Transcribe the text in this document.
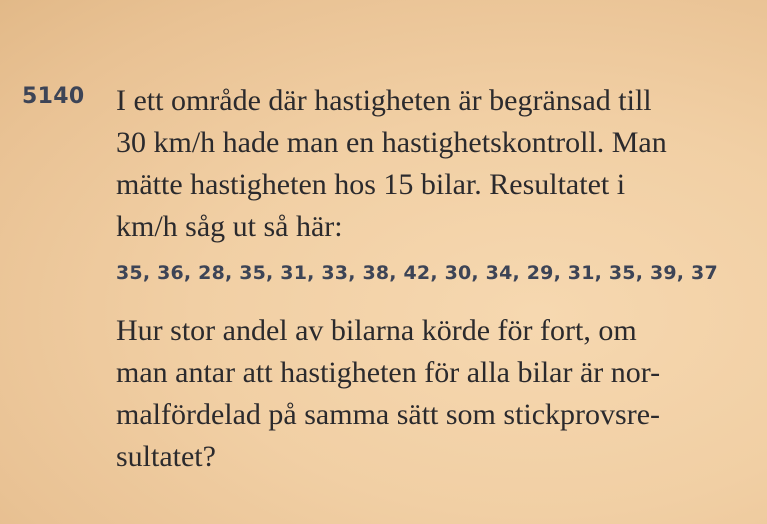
5140 I ett område där hastigheten är begränsad till
30 km/h hade man en hastighetskontroll. Man
mätte hastigheten hos 15 bilar. Resultatet i
km/h såg ut så här:
35, 36, 28, 35, 31, 33, 38, 42, 30, 34, 29, 31, 35, 39, 37
Hur stor andel av bilarna körde för fort, om
man antar att hastigheten för alla bilar är nor-
malfördelad på samma sätt som stickprovsre-
sultatet?
